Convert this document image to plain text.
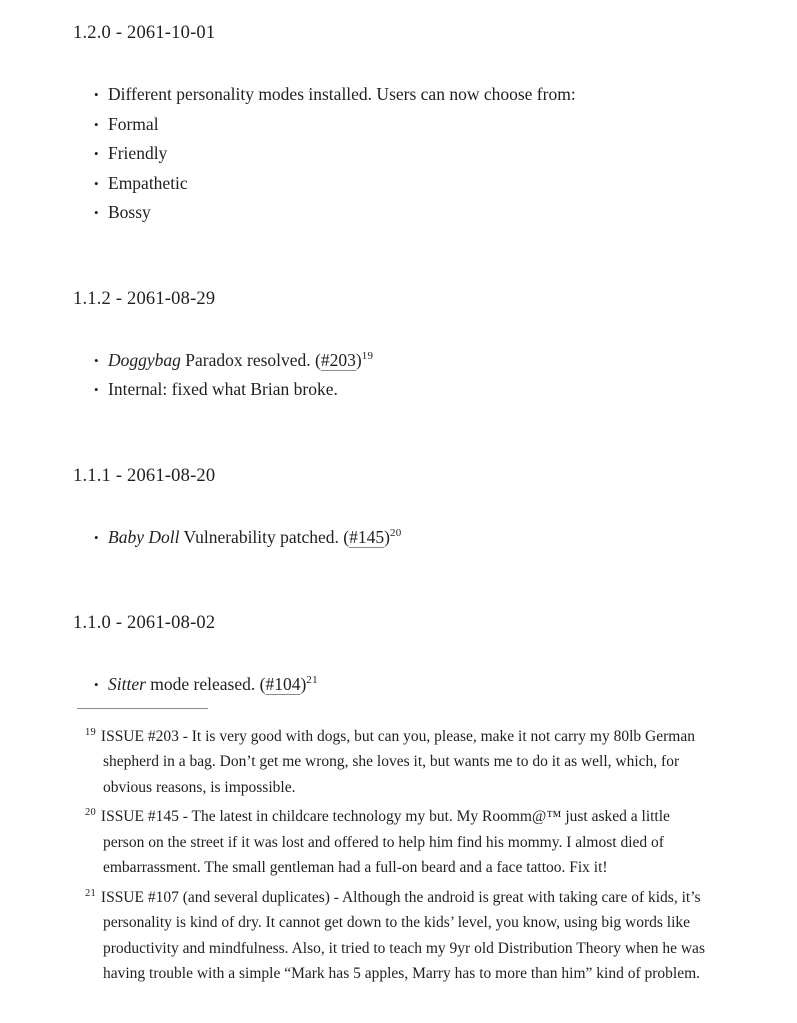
1.2.0 - 2061-10-01
• Different personality modes installed. Users can now choose from:
• Formal
• Friendly
• Empathetic
• Bossy
1.1.2 - 2061-08-29
• Doggybag Paradox resolved. (#203)$^{19}$
• Internal: fixed what Brian broke.
1.1.1 - 2061-08-20
• Baby Doll Vulnerability patched. (#145)$^{20}$
1.1.0 - 2061-08-02
• Sitter mode released. (#104)$^{21}$

$^{19}$ ISSUE #203 - It is very good with dogs, but can you, please, make it not carry my 80lb German shepherd in a bag. Don’t get me wrong, she loves it, but wants me to do it as well, which, for obvious reasons, is impossible.

$^{20}$ ISSUE #145 - The latest in childcare technology my but. My Roomm@™ just asked a little person on the street if it was lost and offered to help him find his mommy. I almost died of embarrassment. The small gentleman had a full-on beard and a face tattoo. Fix it!

$^{21}$ ISSUE #107 (and several duplicates) - Although the android is great with taking care of kids, it’s personality is kind of dry. It cannot get down to the kids’ level, you know, using big words like productivity and mindfulness. Also, it tried to teach my 9yr old Distribution Theory when he was having trouble with a simple “Mark has 5 apples, Marry has to more than him” kind of problem.
